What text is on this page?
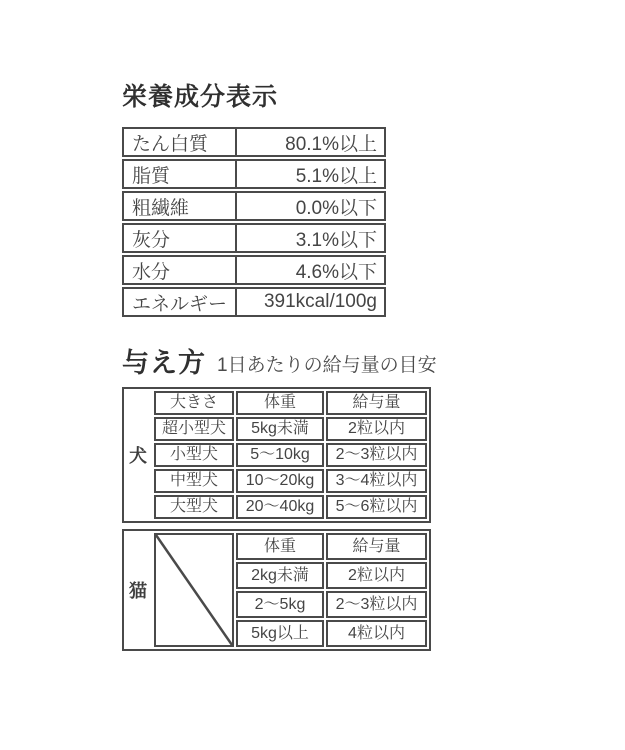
栄養成分表示
たん白質	80.1%以上
脂質	5.1%以上
粗繊維	0.0%以下
灰分	3.1%以下
水分	4.6%以下
エネルギー	391kcal/100g
与え方 1日あたりの給与量の目安
犬
大きさ	体重	給与量
超小型犬	5kg未満	2粒以内
小型犬	5〜10kg	2〜3粒以内
中型犬	10〜20kg	3〜4粒以内
大型犬	20〜40kg	5〜6粒以内
猫
体重	給与量
2kg未満	2粒以内
2〜5kg	2〜3粒以内
5kg以上	4粒以内
